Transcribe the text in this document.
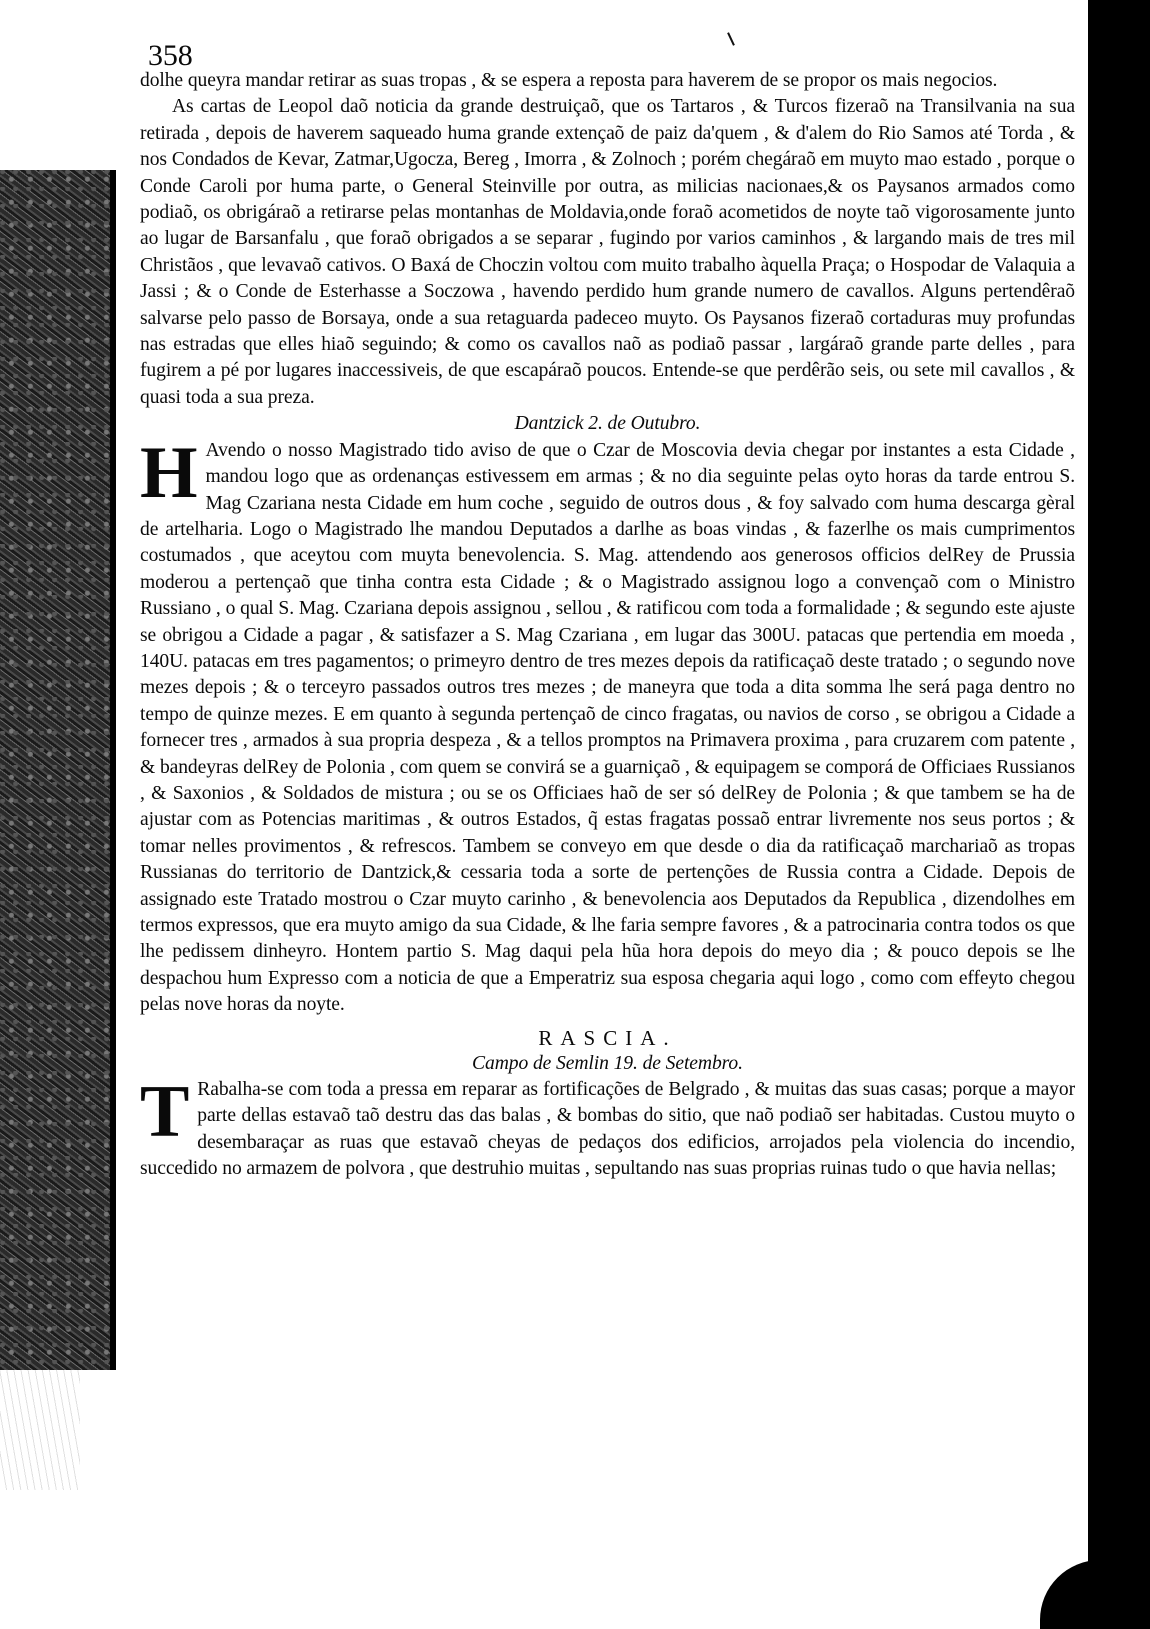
358

dolhe queyra mandar retirar as suas tropas , & se espera a reposta para haverem de se propor os mais negocios.

As cartas de Leopol daõ noticia da grande destruiçaõ, que os Tartaros , & Turcos fizeraõ na Transilvania na sua retirada , depois de haverem saqueado huma grande extençaõ de paiz da'quem , & d'alem do Rio Samos até Torda , & nos Condados de Kevar, Zatmar,Ugocza, Bereg , Imorra , & Zolnoch ; porém chegáraõ em muyto mao estado , porque o Conde Caroli por huma parte, o General Steinville por outra, as milicias nacionaes,& os Paysanos armados como podiaõ, os obrigáraõ a retirarse pelas montanhas de Moldavia,onde foraõ acometidos de noyte taõ vigorosamente junto ao lugar de Barsanfalu , que foraõ obrigados a se separar , fugindo por varios caminhos , & largando mais de tres mil Christãos , que levavaõ cativos. O Baxá de Choczin voltou com muito trabalho àquella Praça; o Hospodar de Valaquia a Jassi ; & o Conde de Esterhasse a Soczowa , havendo perdido hum grande numero de cavallos. Alguns pertendêraõ salvarse pelo passo de Borsaya, onde a sua retaguarda padeceo muyto. Os Paysanos fizeraõ cortaduras muy profundas nas estradas que elles hiaõ seguindo; & como os cavallos naõ as podiaõ passar , largáraõ grande parte delles , para fugirem a pé por lugares inaccessiveis, de que escapáraõ poucos. Entende-se que perdêrão seis, ou sete mil cavallos , & quasi toda a sua preza.

Dantzick 2. de Outubro.

H Avendo o nosso Magistrado tido aviso de que o Czar de Moscovia devia chegar por instantes a esta Cidade , mandou logo que as ordenanças estivessem em armas ; & no dia seguinte pelas oyto horas da tarde entrou S. Mag Czariana nesta Cidade em hum coche , seguido de outros dous , & foy salvado com huma descarga gèral de artelharia. Logo o Magistrado lhe mandou Deputados a darlhe as boas vindas , & fazerlhe os mais cumprimentos costumados , que aceytou com muyta benevolencia. S. Mag. attendendo aos generosos officios delRey de Prussia moderou a pertençaõ que tinha contra esta Cidade ; & o Magistrado assignou logo a convençaõ com o Ministro Russiano , o qual S. Mag. Czariana depois assignou , sellou , & ratificou com toda a formalidade ; & segundo este ajuste se obrigou a Cidade a pagar , & satisfazer a S. Mag Czariana , em lugar das 300U. patacas que pertendia em moeda , 140U. patacas em tres pagamentos; o primeyro dentro de tres mezes depois da ratificaçaõ deste tratado ; o segundo nove mezes depois ; & o terceyro passados outros tres mezes ; de maneyra que toda a dita somma lhe será paga dentro no tempo de quinze mezes. E em quanto à segunda pertençaõ de cinco fragatas, ou navios de corso , se obrigou a Cidade a fornecer tres , armados à sua propria despeza , & a tellos promptos na Primavera proxima , para cruzarem com patente , & bandeyras delRey de Polonia , com quem se convirá se a guarniçaõ , & equipagem se comporá de Officiaes Russianos , & Saxonios , & Soldados de mistura ; ou se os Officiaes haõ de ser só delRey de Polonia ; & que tambem se ha de ajustar com as Potencias maritimas , & outros Estados, q̃ estas fragatas possaõ entrar livremente nos seus portos ; & tomar nelles provimentos , & refrescos. Tambem se conveyo em que desde o dia da ratificaçaõ marchariaõ as tropas Russianas do territorio de Dantzick,& cessaria toda a sorte de pertenções de Russia contra a Cidade. Depois de assignado este Tratado mostrou o Czar muyto carinho , & benevolencia aos Deputados da Republica , dizendolhes em termos expressos, que era muyto amigo da sua Cidade, & lhe faria sempre favores , & a patrocinaria contra todos os que lhe pedissem dinheyro. Hontem partio S. Mag daqui pela hũa hora depois do meyo dia ; & pouco depois se lhe despachou hum Expresso com a noticia de que a Emperatriz sua esposa chegaria aqui logo , como com effeyto chegou pelas nove horas da noyte.

RASCIA.

Campo de Semlin 19. de Setembro.

T Rabalha-se com toda a pressa em reparar as fortificações de Belgrado , & muitas das suas casas; porque a mayor parte dellas estavaõ taõ destru das das balas , & bombas do sitio, que naõ podiaõ ser habitadas. Custou muyto o desembaraçar as ruas que estavaõ cheyas de pedaços dos edificios, arrojados pela violencia do incendio, succedido no armazem de polvora , que destruhio muitas , sepultando nas suas proprias ruinas tudo o que havia nellas;
